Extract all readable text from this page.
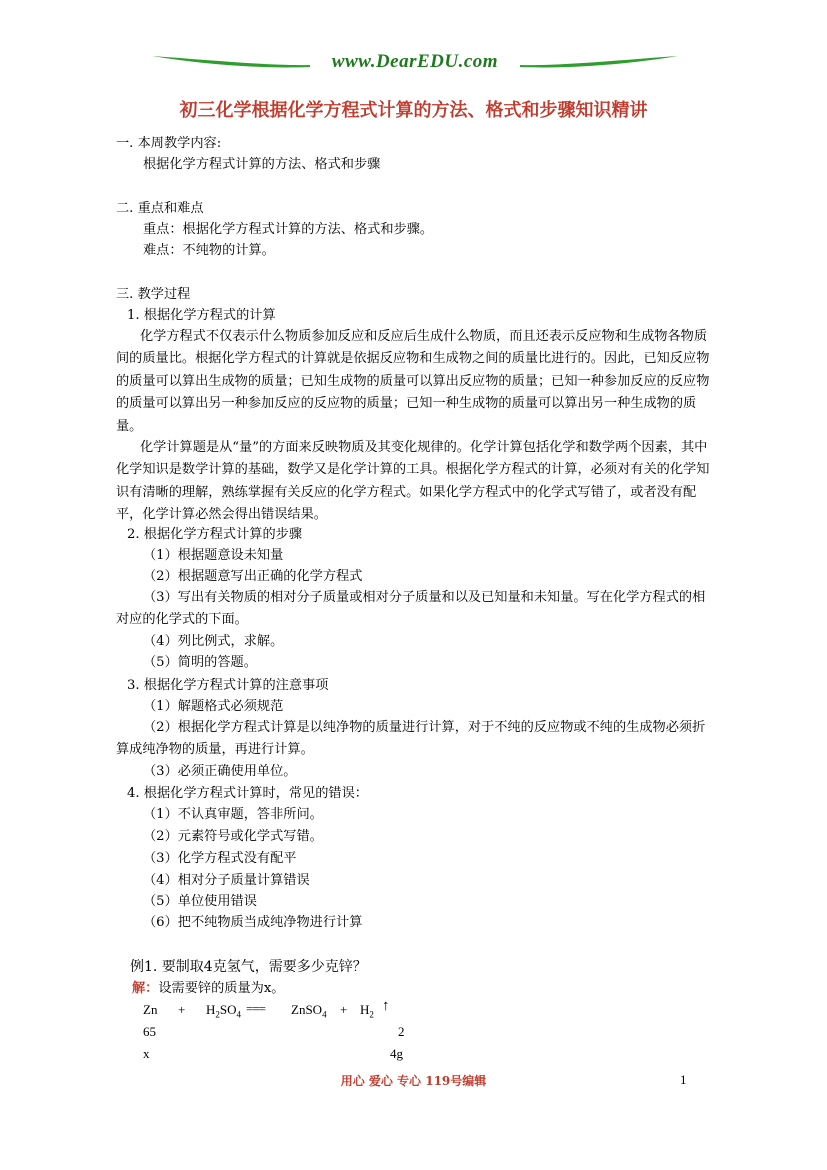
www.DearEDU.com
初三化学根据化学方程式计算的方法、格式和步骤知识精讲
一. 本周教学内容:
根据化学方程式计算的方法、格式和步骤
二. 重点和难点
重点：根据化学方程式计算的方法、格式和步骤。
难点：不纯物的计算。
三. 教学过程
1. 根据化学方程式的计算
化学方程式不仅表示什么物质参加反应和反应后生成什么物质，而且还表示反应物和生成物各物质间的质量比。根据化学方程式的计算就是依据反应物和生成物之间的质量比进行的。因此，已知反应物的质量可以算出生成物的质量；已知生成物的质量可以算出反应物的质量；已知一种参加反应的反应物的质量可以算出另一种参加反应的反应物的质量；已知一种生成物的质量可以算出另一种生成物的质量。
化学计算题是从“量”的方面来反映物质及其变化规律的。化学计算包括化学和数学两个因素，其中化学知识是数学计算的基础，数学又是化学计算的工具。根据化学方程式的计算，必须对有关的化学知识有清晰的理解，熟练掌握有关反应的化学方程式。如果化学方程式中的化学式写错了，或者没有配平，化学计算必然会得出错误结果。
2. 根据化学方程式计算的步骤
（1）根据题意设未知量
（2）根据题意写出正确的化学方程式
（3）写出有关物质的相对分子质量或相对分子质量和以及已知量和未知量。写在化学方程式的相对应的化学式的下面。
（4）列比例式，求解。
（5）简明的答题。
3. 根据化学方程式计算的注意事项
（1）解题格式必须规范
（2）根据化学方程式计算是以纯净物的质量进行计算，对于不纯的反应物或不纯的生成物必须折算成纯净物的质量，再进行计算。
（3）必须正确使用单位。
4. 根据化学方程式计算时，常见的错误：
（1）不认真审题，答非所问。
（2）元素符号或化学式写错。
（3）化学方程式没有配平
（4）相对分子质量计算错误
（5）单位使用错误
（6）把不纯物质当成纯净物进行计算
例1. 要制取4克氢气，需要多少克锌？
解：设需要锌的质量为x。
$Zn + H_2SO_4$ === ZnSO$_4$ + $H_2$
↑
65	2
x	4g
用心 爱心 专心 119号编辑	1
